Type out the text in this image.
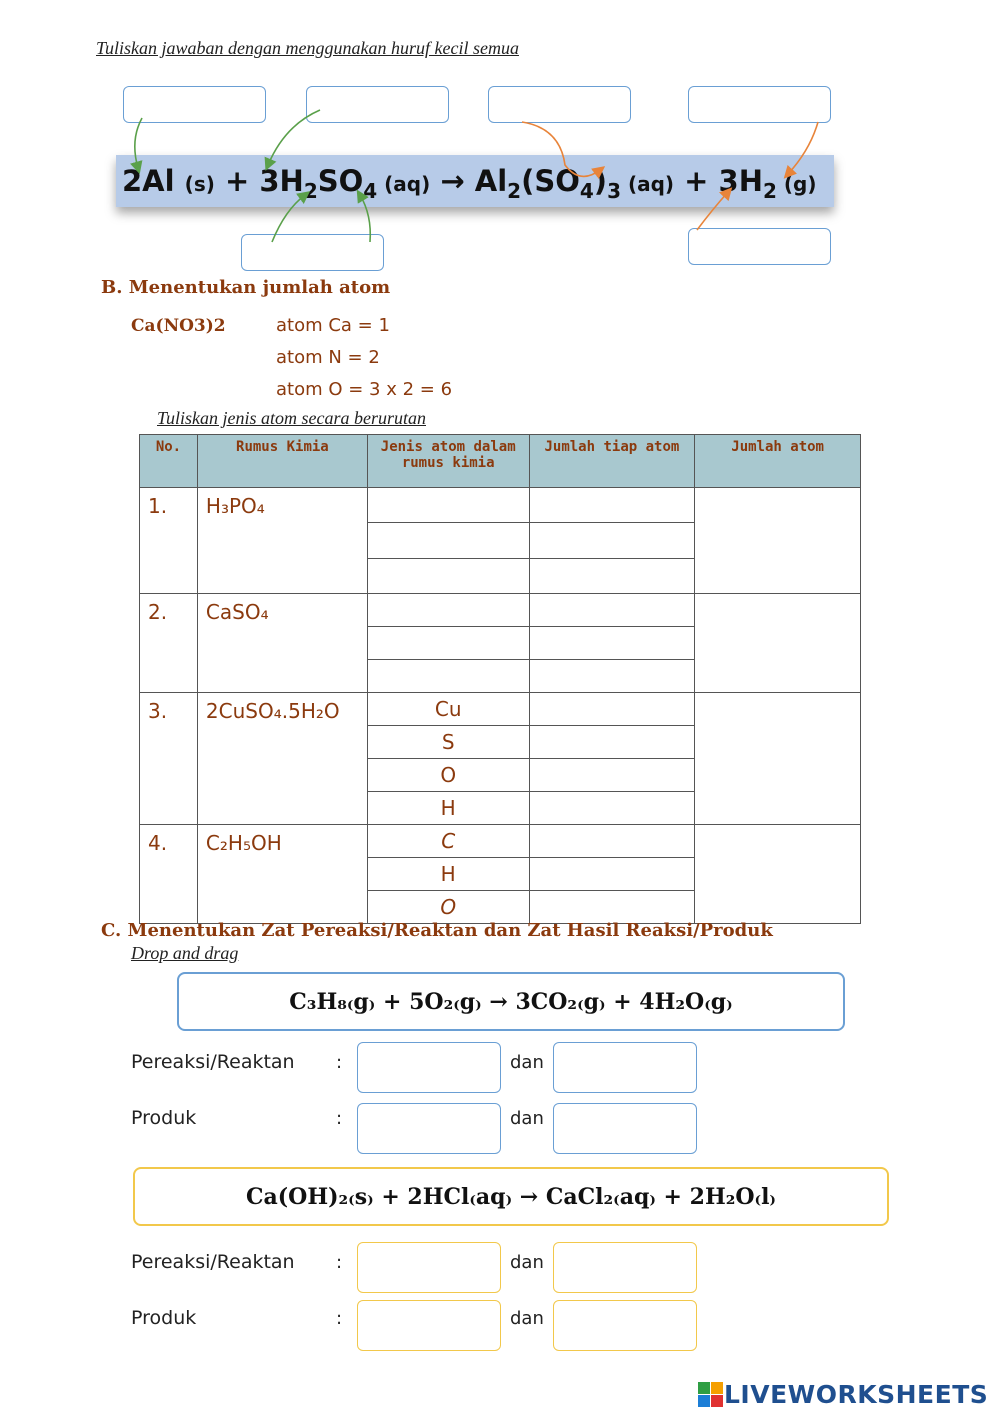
Tuliskan jawaban dengan menggunakan huruf kecil semua
2Al $(s) + 3H_2SO_4$ $(aq) \to Al_2(SO_4)_3$ $(aq) + 3H_2$ (g)
B. Menentukan jumlah atom
Ca(NO3)2	atom Ca = 1
atom N = 2
atom O = 3 x 2 = 6
Tuliskan jenis atom secara berurutan
No.	Rumus Kimia	Jenis atom dalam rumus kimia	Jumlah tiap atom	Jumlah atom
1.	H₃PO₄			

2.	CaSO₄			

3.	2CuSO₄.5H₂O	Cu		
		S		
		O		
		H		
4.	C₂H₅OH	C		
		H		
		O		
C. Menentukan Zat Pereaksi/Reaktan dan Zat Hasil Reaksi/Produk
Drop and drag
C₃H₈₍g₎ + 5O₂₍g₎ → 3CO₂₍g₎ + 4H₂O₍g₎
Pereaksi/Reaktan :	dan
Produk	:	dan
Ca(OH)₂₍s₎ + 2HCl₍aq₎ → CaCl₂₍aq₎ + 2H₂O₍l₎
Pereaksi/Reaktan :	dan
Produk	:	dan
LIVEWORKSHEETS
